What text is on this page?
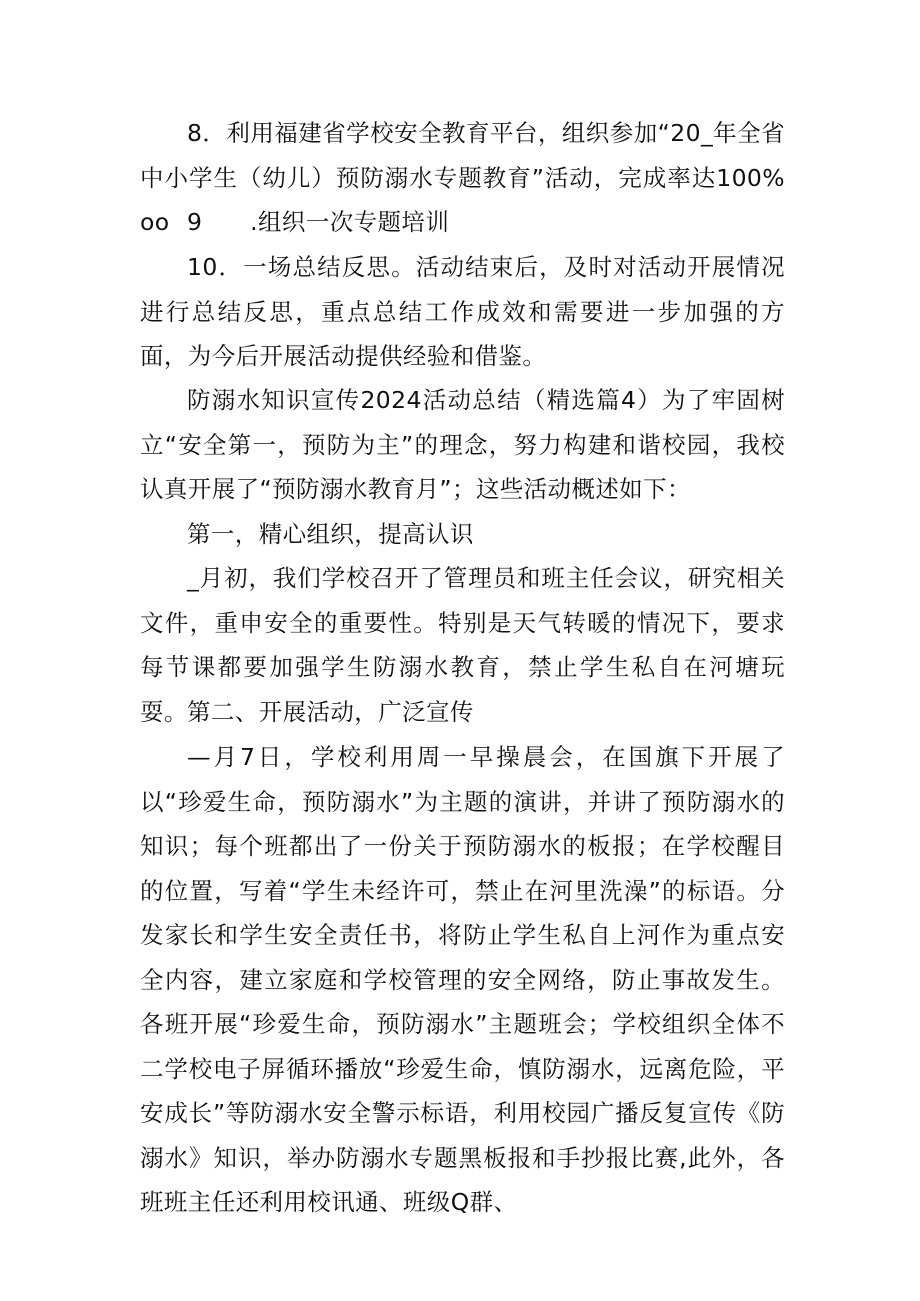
8．利用福建省学校安全教育平台，组织参加“20_年全省中小学生（幼儿）预防溺水专题教育”活动，完成率达100%oo 9　　.组织一次专题培训

10．一场总结反思。活动结束后，及时对活动开展情况进行总结反思，重点总结工作成效和需要进一步加强的方面，为今后开展活动提供经验和借鉴。

防溺水知识宣传2024活动总结（精选篇4）为了牢固树立“安全第一，预防为主”的理念，努力构建和谐校园，我校认真开展了“预防溺水教育月”；这些活动概述如下：

第一，精心组织，提高认识

_月初，我们学校召开了管理员和班主任会议，研究相关文件，重申安全的重要性。特别是天气转暖的情况下，要求每节课都要加强学生防溺水教育，禁止学生私自在河塘玩耍。 第二、开展活动，广泛宣传

—月7日，学校利用周一早操晨会，在国旗下开展了以“珍爱生命，预防溺水”为主题的演讲，并讲了预防溺水的知识；每个班都出了一份关于预防溺水的板报；在学校醒目的位置，写着“学生未经许可，禁止在河里洗澡”的标语。分发家长和学生安全责任书，将防止学生私自上河作为重点安全内容，建立家庭和学校管理的安全网络，防止事故发生。各班开展“珍爱生命，预防溺水”主题班会；学校组织全体不二学校电子屏循环播放“珍爱生命，慎防溺水，远离危险，平安成长”等防溺水安全警示标语，利用校园广播反复宣传《防溺水》知识，举办防溺水专题黑板报和手抄报比赛,此外，各班班主任还利用校讯通、班级Q群、
